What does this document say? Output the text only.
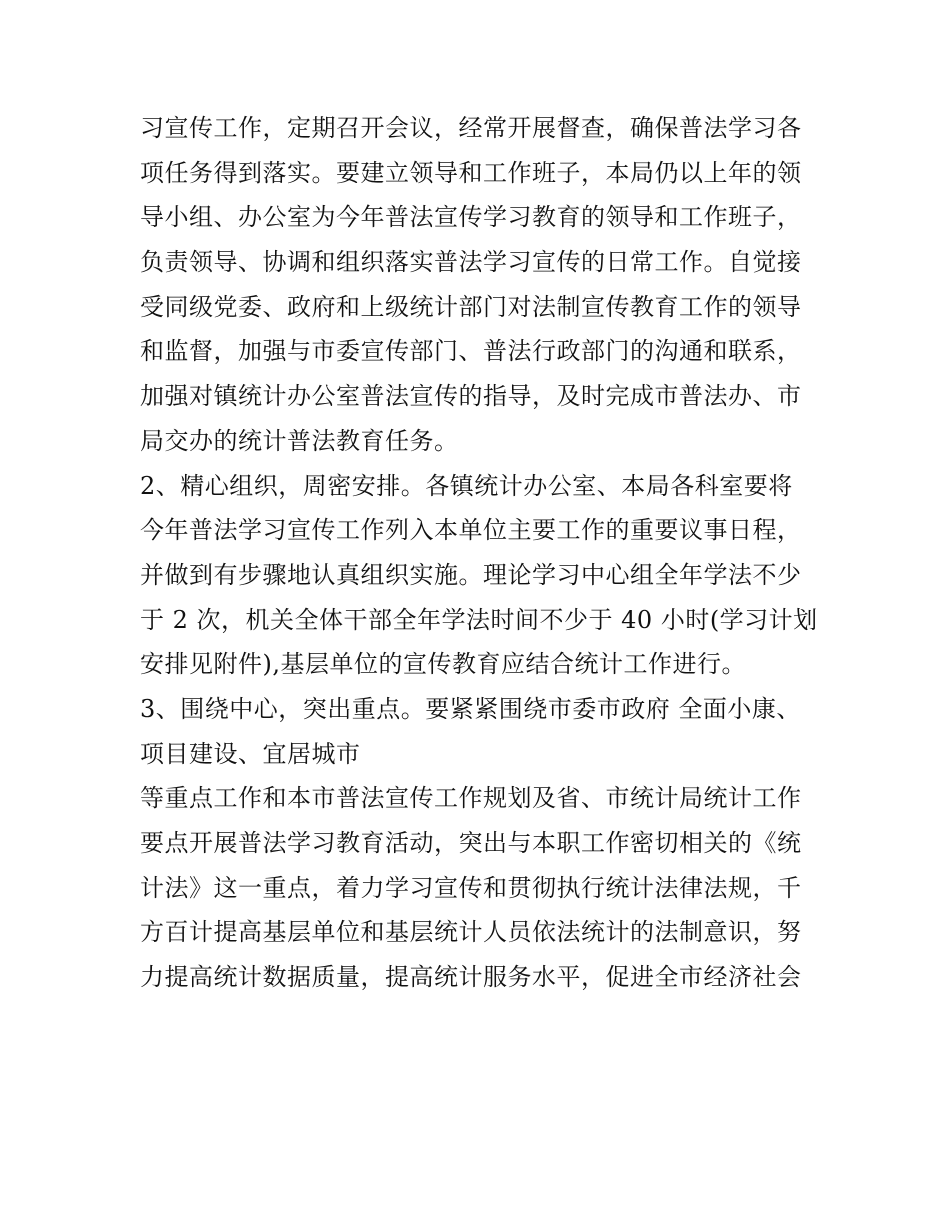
习宣传工作，定期召开会议，经常开展督查，确保普法学习各
项任务得到落实。要建立领导和工作班子，本局仍以上年的领
导小组、办公室为今年普法宣传学习教育的领导和工作班子，
负责领导、协调和组织落实普法学习宣传的日常工作。自觉接
受同级党委、政府和上级统计部门对法制宣传教育工作的领导
和监督，加强与市委宣传部门、普法行政部门的沟通和联系，
加强对镇统计办公室普法宣传的指导，及时完成市普法办、市
局交办的统计普法教育任务。
2、精心组织，周密安排。各镇统计办公室、本局各科室要将
今年普法学习宣传工作列入本单位主要工作的重要议事日程，
并做到有步骤地认真组织实施。理论学习中心组全年学法不少
于 2 次，机关全体干部全年学法时间不少于 40 小时(学习计划
安排见附件),基层单位的宣传教育应结合统计工作进行。
3、围绕中心，突出重点。要紧紧围绕市委市政府 全面小康、
项目建设、宜居城市
等重点工作和本市普法宣传工作规划及省、市统计局统计工作
要点开展普法学习教育活动，突出与本职工作密切相关的《统
计法》这一重点，着力学习宣传和贯彻执行统计法律法规，千
方百计提高基层单位和基层统计人员依法统计的法制意识，努
力提高统计数据质量，提高统计服务水平，促进全市经济社会
